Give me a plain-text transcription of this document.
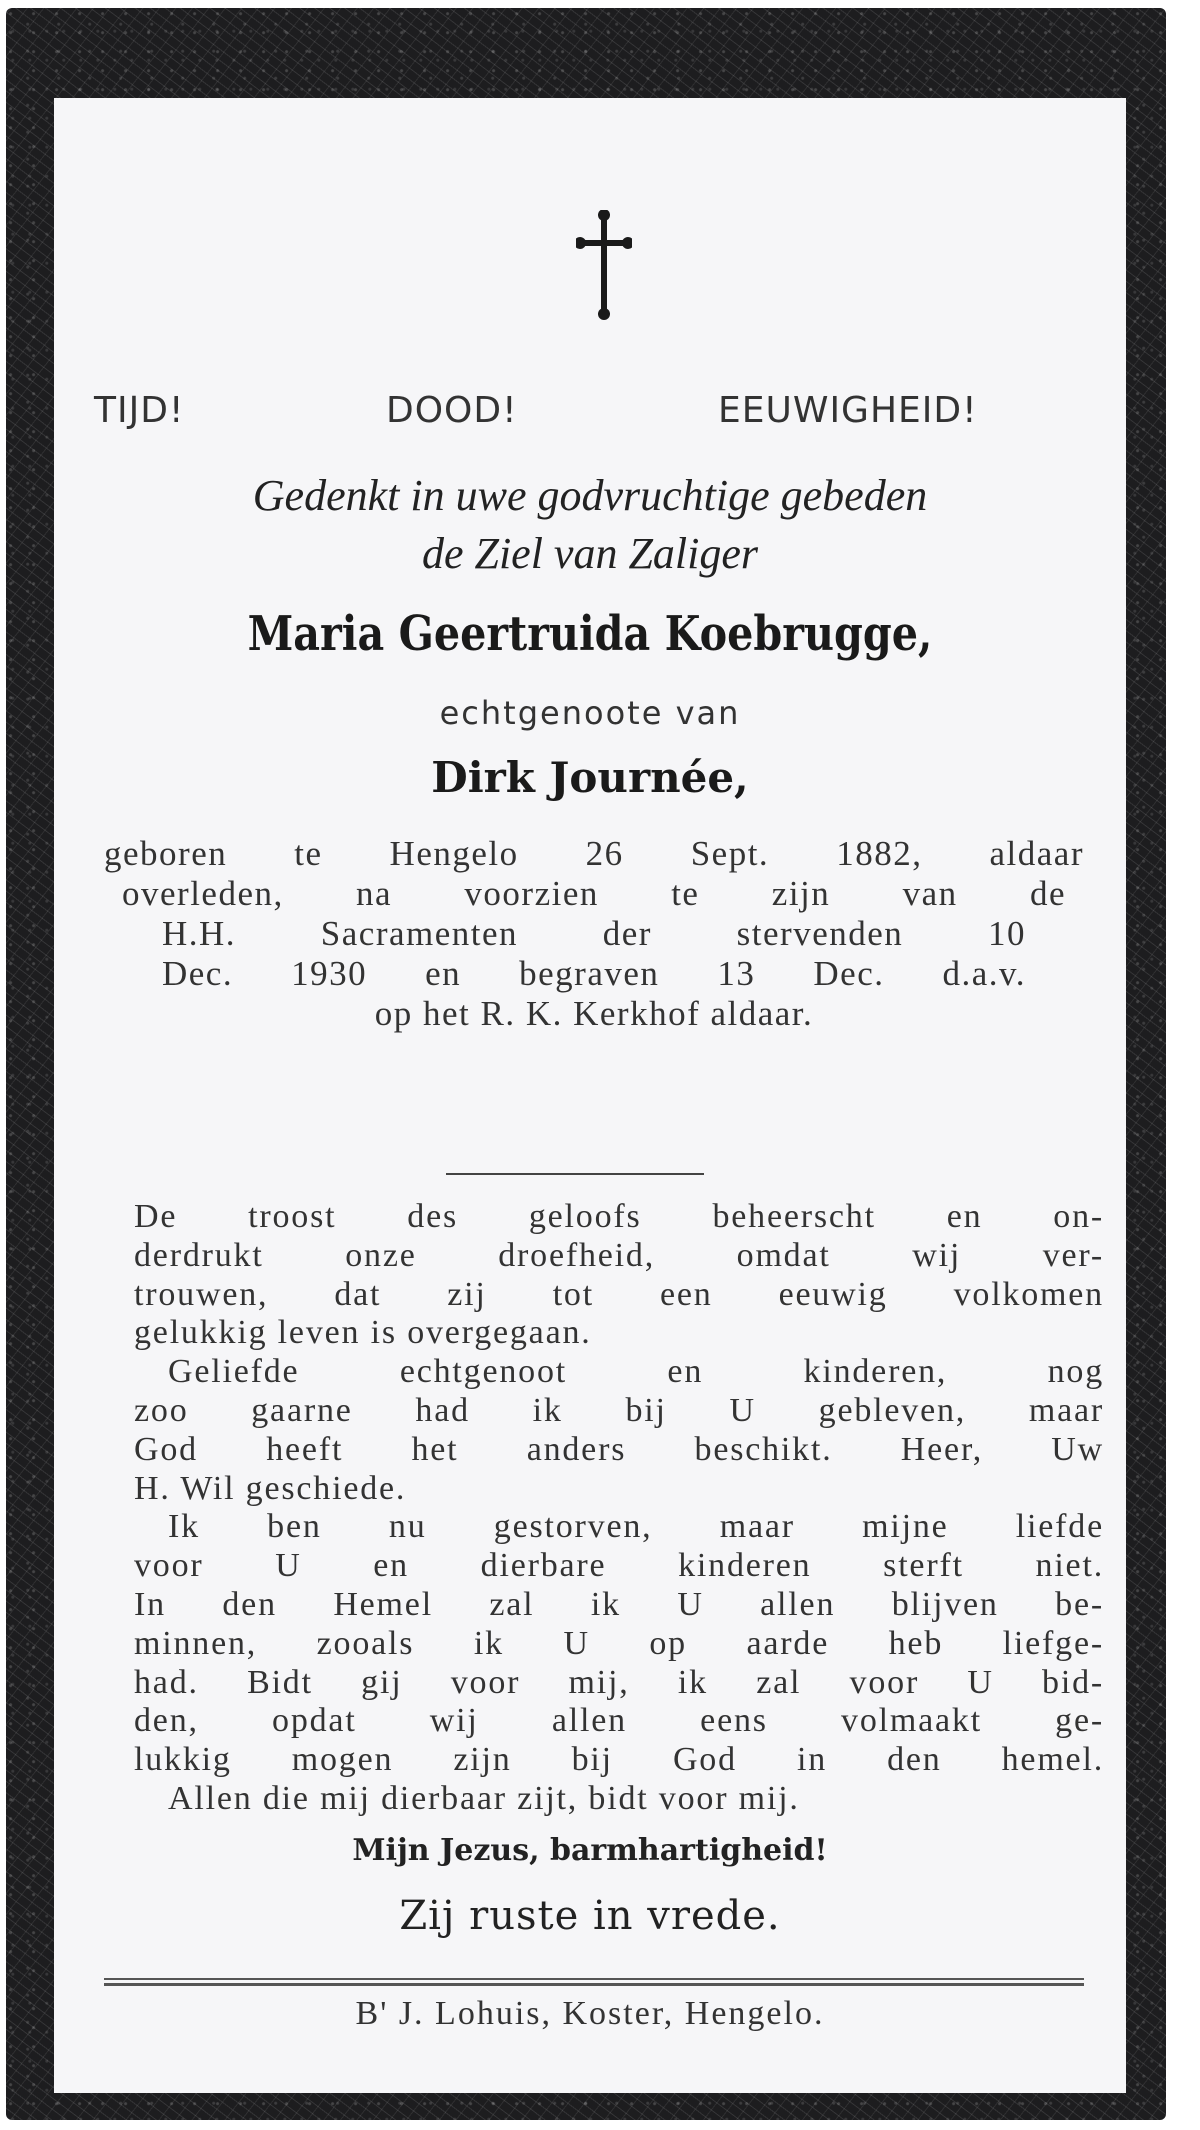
TIJD!	DOOD!	EEUWIGHEID!
Gedenkt in uwe godvruchtige gebeden
de Ziel van Zaliger
Maria Geertruida Koebrugge,
echtgenoote van
Dirk Journée,
geboren te Hengelo 26 Sept. 1882, aldaar
overleden, na voorzien te zijn van de
H.H. Sacramenten der stervenden 10
Dec. 1930 en begraven 13 Dec. d.a.v.
op het R. K. Kerkhof aldaar.
De troost des geloofs beheerscht en on-
derdrukt onze droefheid, omdat wij ver-
trouwen, dat zij tot een eeuwig volkomen
gelukkig leven is overgegaan.
Geliefde echtgenoot en kinderen, nog
zoo gaarne had ik bij U gebleven, maar
God heeft het anders beschikt. Heer, Uw
H. Wil geschiede.
Ik ben nu gestorven, maar mijne liefde
voor U en dierbare kinderen sterft niet.
In den Hemel zal ik U allen blijven be-
minnen, zooals ik U op aarde heb liefge-
had. Bidt gij voor mij, ik zal voor U bid-
den, opdat wij allen eens volmaakt ge-
lukkig mogen zijn bij God in den hemel.
Allen die mij dierbaar zijt, bidt voor mij.
Mijn Jezus, barmhartigheid!
Zij ruste in vrede.
B' J. Lohuis, Koster, Hengelo.
